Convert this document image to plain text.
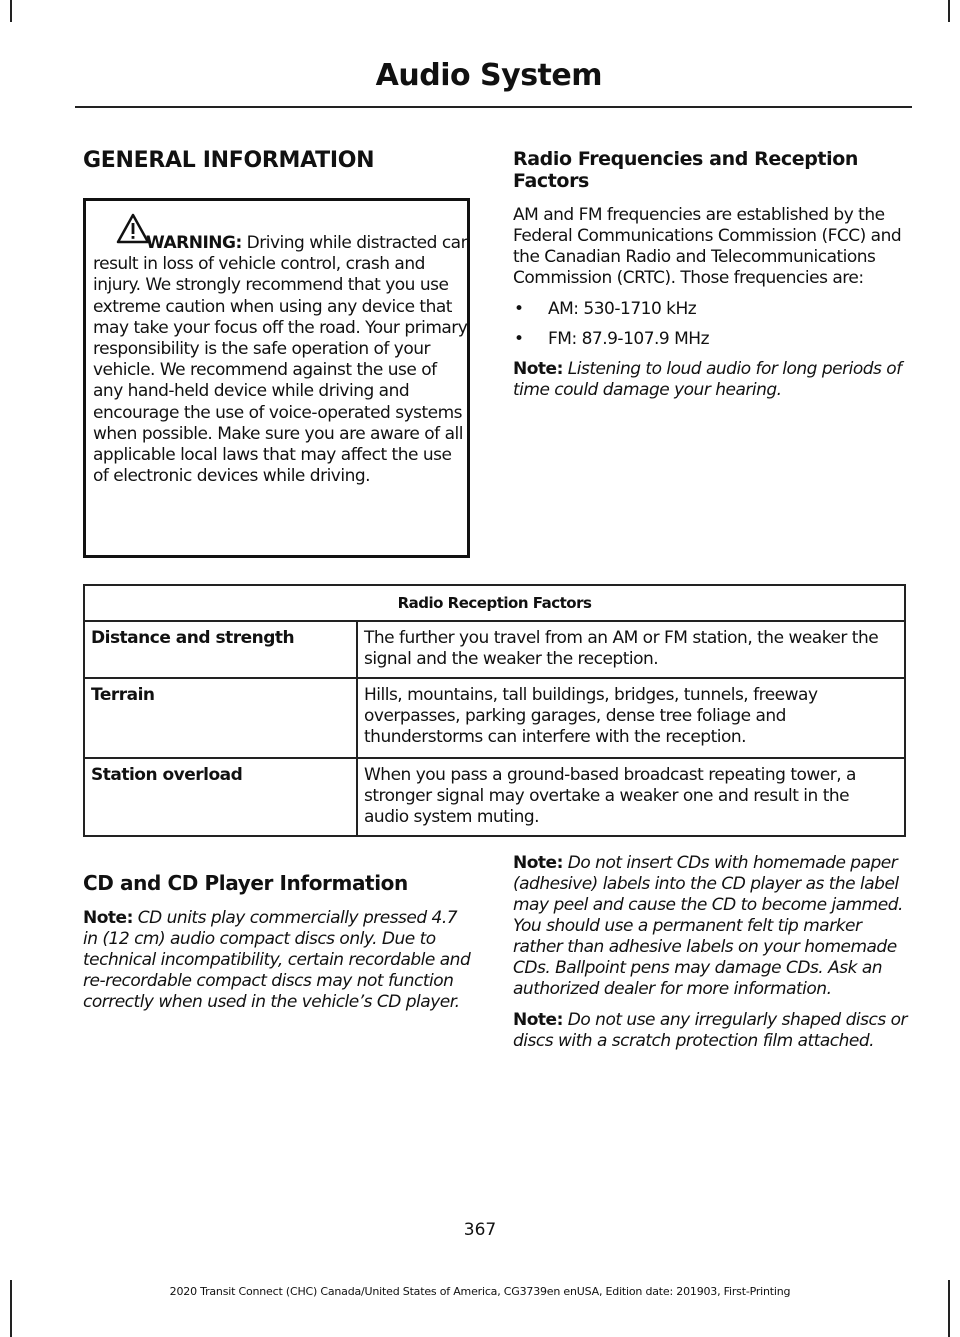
Audio System
GENERAL INFORMATION
WARNING: Driving while distracted can result in loss of vehicle control, crash and injury. We strongly recommend that you use extreme caution when using any device that may take your focus off the road. Your primary responsibility is the safe operation of your vehicle. We recommend against the use of any hand-held device while driving and encourage the use of voice-operated systems when possible. Make sure you are aware of all applicable local laws that may affect the use of electronic devices while driving.
Radio Frequencies and Reception Factors

AM and FM frequencies are established by the Federal Communications Commission (FCC) and the Canadian Radio and Telecommunications Commission (CRTC). Those frequencies are:

• AM: 530-1710 kHz
• FM: 87.9-107.9 MHz

Note: Listening to loud audio for long periods of time could damage your hearing.

Radio Reception Factors	
Distance and strength	The further you travel from an AM or FM station, the weaker the signal and the weaker the reception.
Terrain	Hills, mountains, tall buildings, bridges, tunnels, freeway overpasses, parking garages, dense tree foliage and thunderstorms can interfere with the reception.
Station overload	When you pass a ground-based broadcast repeating tower, a stronger signal may overtake a weaker one and result in the audio system muting.
CD and CD Player Information

Note: CD units play commercially pressed 4.7 in (12 cm) audio compact discs only. Due to technical incompatibility, certain recordable and re-recordable compact discs may not function correctly when used in the vehicle’s CD player.

Note: Do not insert CDs with homemade paper (adhesive) labels into the CD player as the label may peel and cause the CD to become jammed. You should use a permanent felt tip marker rather than adhesive labels on your homemade CDs. Ballpoint pens may damage CDs. Ask an authorized dealer for more information.

Note: Do not use any irregularly shaped discs or discs with a scratch protection film attached.

367
2020 Transit Connect (CHC) Canada/United States of America, CG3739en enUSA, Edition date: 201903, First-Printing
